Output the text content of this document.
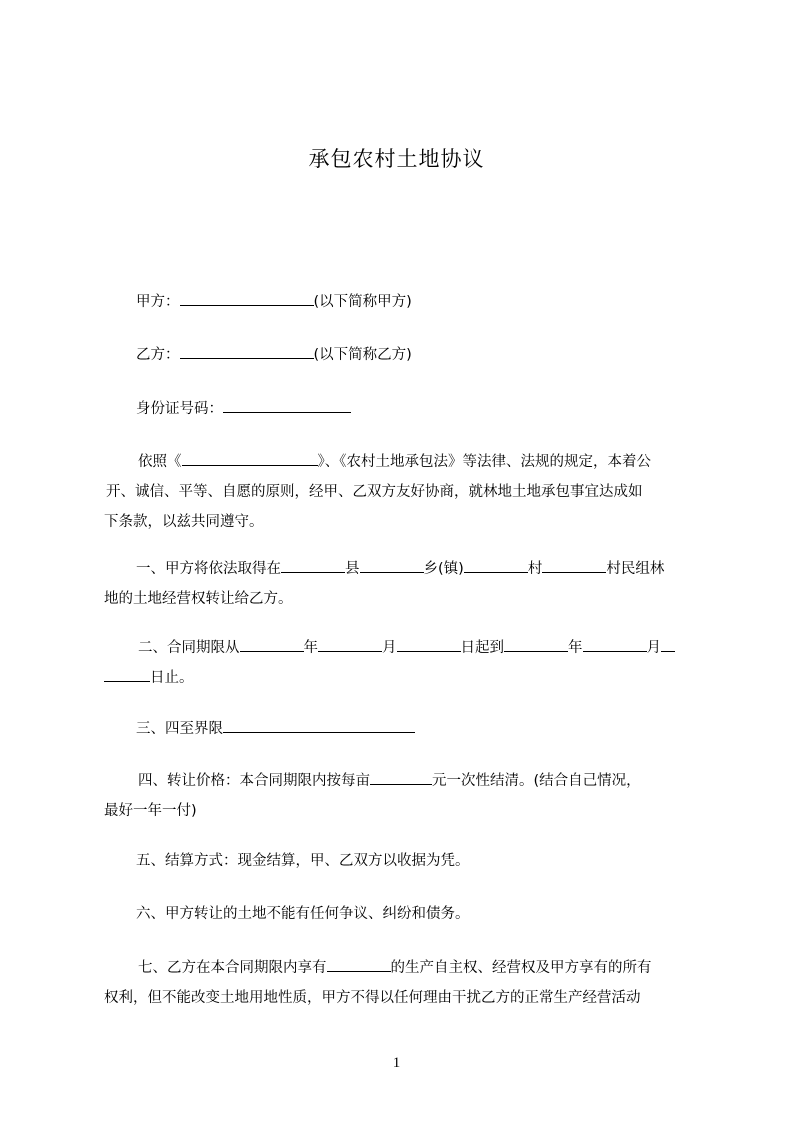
承包农村土地协议
甲方：	(以下简称甲方)
乙方：	(以下简称乙方)
身份证号码：
依照《	》、《农村土地承包法》等法律、法规的规定，本着公
开、诚信、平等、自愿的原则，经甲、乙双方友好协商，就林地土地承包事宜达成如
下条款，以兹共同遵守。
一、甲方将依法取得在	县	乡(镇)	村	村民组林
地的土地经营权转让给乙方。
二、合同期限从	年	月	日起到	年	月
日止。
三、四至界限
四、转让价格：本合同期限内按每亩	元一次性结清。(结合自己情况，
最好一年一付)
五、结算方式：现金结算，甲、乙双方以收据为凭。
六、甲方转让的土地不能有任何争议、纠纷和债务。
七、乙方在本合同期限内享有	的生产自主权、经营权及甲方享有的所有
权利，但不能改变土地用地性质，甲方不得以任何理由干扰乙方的正常生产经营活动
1
